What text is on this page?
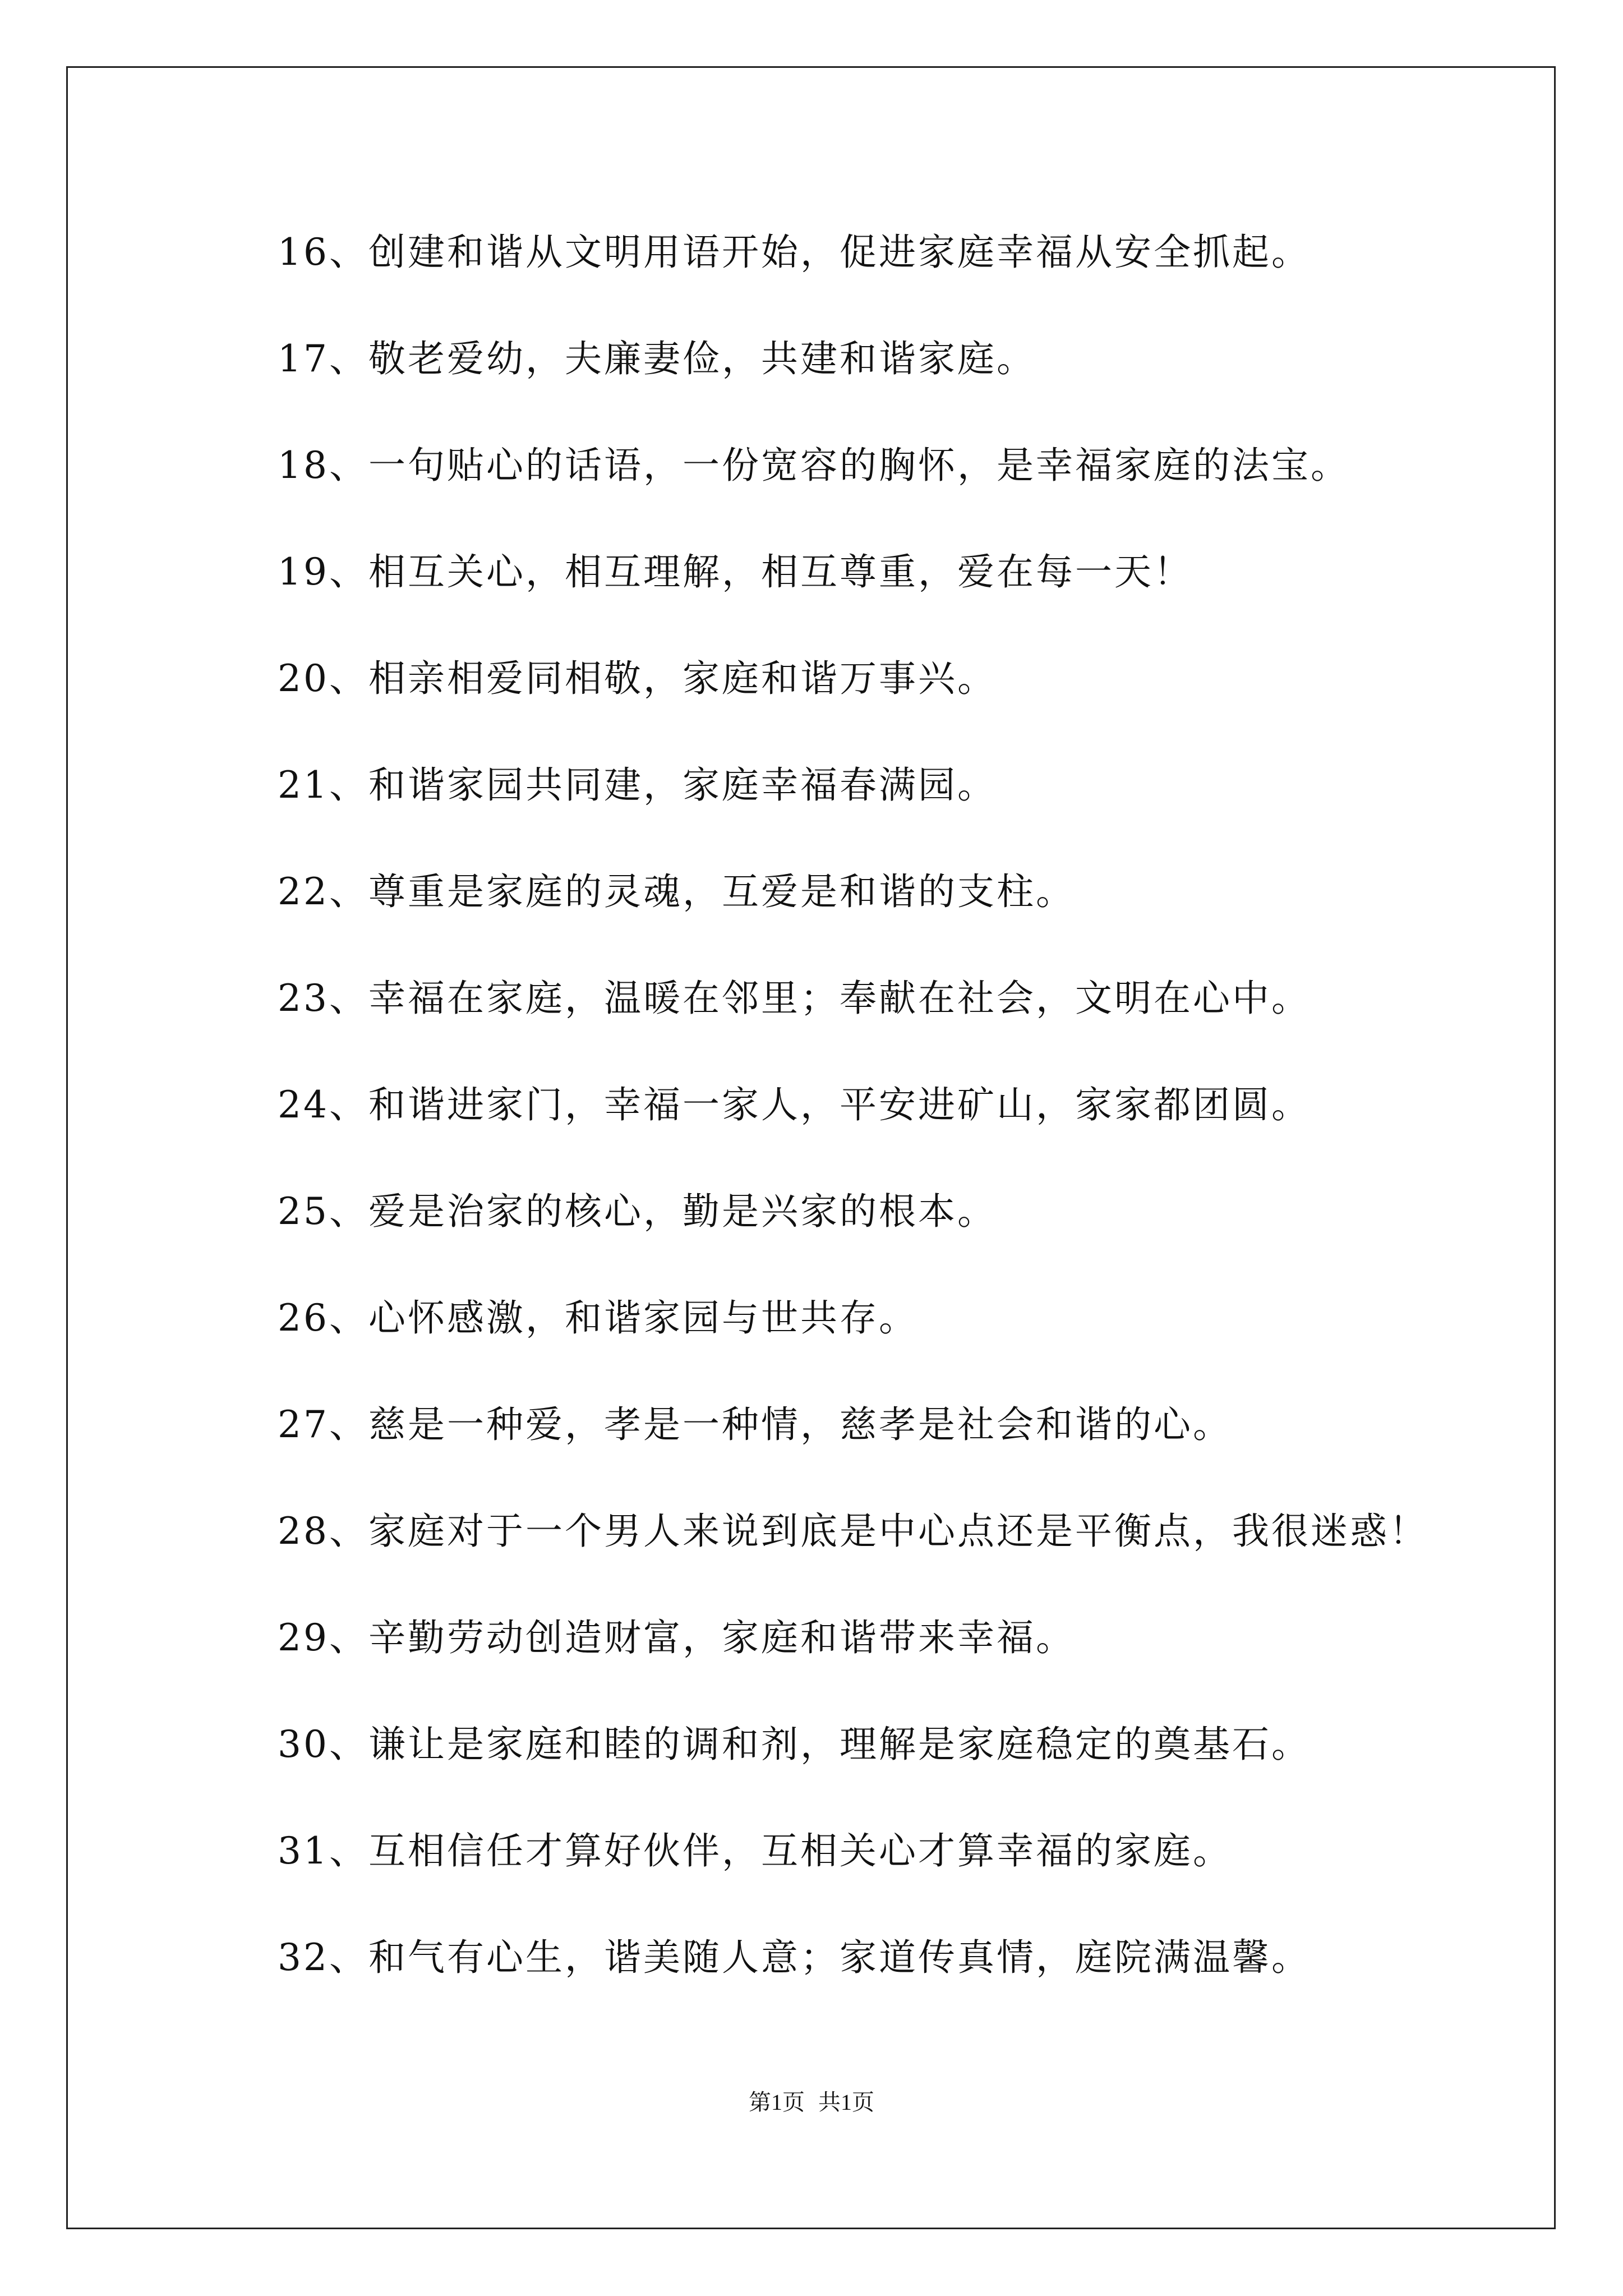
16、创建和谐从文明用语开始，促进家庭幸福从安全抓起。
17、敬老爱幼，夫廉妻俭，共建和谐家庭。
18、一句贴心的话语，一份宽容的胸怀，是幸福家庭的法宝。
19、相互关心，相互理解，相互尊重，爱在每一天！
20、相亲相爱同相敬，家庭和谐万事兴。
21、和谐家园共同建，家庭幸福春满园。
22、尊重是家庭的灵魂，互爱是和谐的支柱。
23、幸福在家庭，温暖在邻里；奉献在社会，文明在心中。
24、和谐进家门，幸福一家人，平安进矿山，家家都团圆。
25、爱是治家的核心，勤是兴家的根本。
26、心怀感激，和谐家园与世共存。
27、慈是一种爱，孝是一种情，慈孝是社会和谐的心。
28、家庭对于一个男人来说到底是中心点还是平衡点，我很迷惑！
29、辛勤劳动创造财富，家庭和谐带来幸福。
30、谦让是家庭和睦的调和剂，理解是家庭稳定的奠基石。
31、互相信任才算好伙伴，互相关心才算幸福的家庭。
32、和气有心生，谐美随人意；家道传真情，庭院满温馨。
第1页 共1页
